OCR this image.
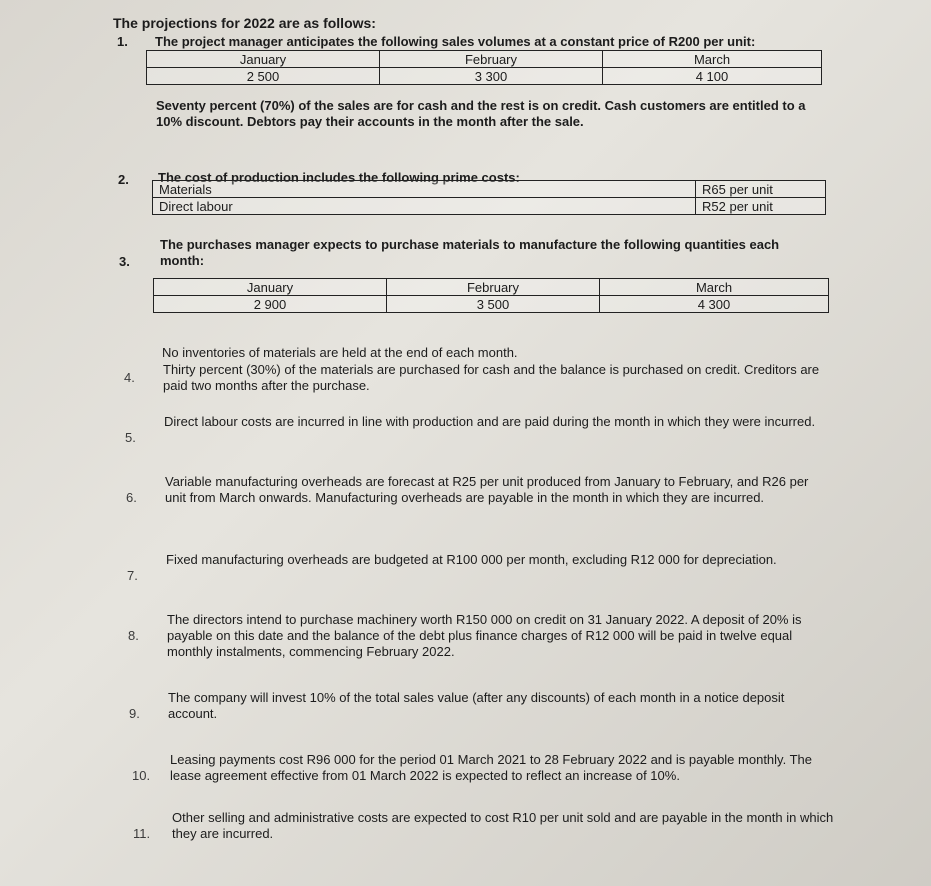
The projections for 2022 are as follows:
1. The project manager anticipates the following sales volumes at a constant price of R200 per unit:
January	February	March
2 500	3 300	4 100
Seventy percent (70%) of the sales are for cash and the rest is on credit. Cash customers are entitled to a 10% discount. Debtors pay their accounts in the month after the sale.
2. The cost of production includes the following prime costs:

Materials	R65 per unit
Direct labour	R52 per unit
3.
The purchases manager expects to purchase materials to manufacture the following quantities each month:

January	February	March
2 900	3 500	4 300
No inventories of materials are held at the end of each month.
4.
Thirty percent (30%) of the materials are purchased for cash and the balance is purchased on credit. Creditors are paid two months after the purchase.
5.
Direct labour costs are incurred in line with production and are paid during the month in which they were incurred.
6.
Variable manufacturing overheads are forecast at R25 per unit produced from January to February, and R26 per unit from March onwards. Manufacturing overheads are payable in the month in which they are incurred.
7.
Fixed manufacturing overheads are budgeted at R100 000 per month, excluding R12 000 for depreciation.
8.
The directors intend to purchase machinery worth R150 000 on credit on 31 January 2022. A deposit of 20% is payable on this date and the balance of the debt plus finance charges of R12 000 will be paid in twelve equal monthly instalments, commencing February 2022.
9.
The company will invest 10% of the total sales value (after any discounts) of each month in a notice deposit account.
10.
Leasing payments cost R96 000 for the period 01 March 2021 to 28 February 2022 and is payable monthly. The lease agreement effective from 01 March 2022 is expected to reflect an increase of 10%.
11.
Other selling and administrative costs are expected to cost R10 per unit sold and are payable in the month in which they are incurred.
